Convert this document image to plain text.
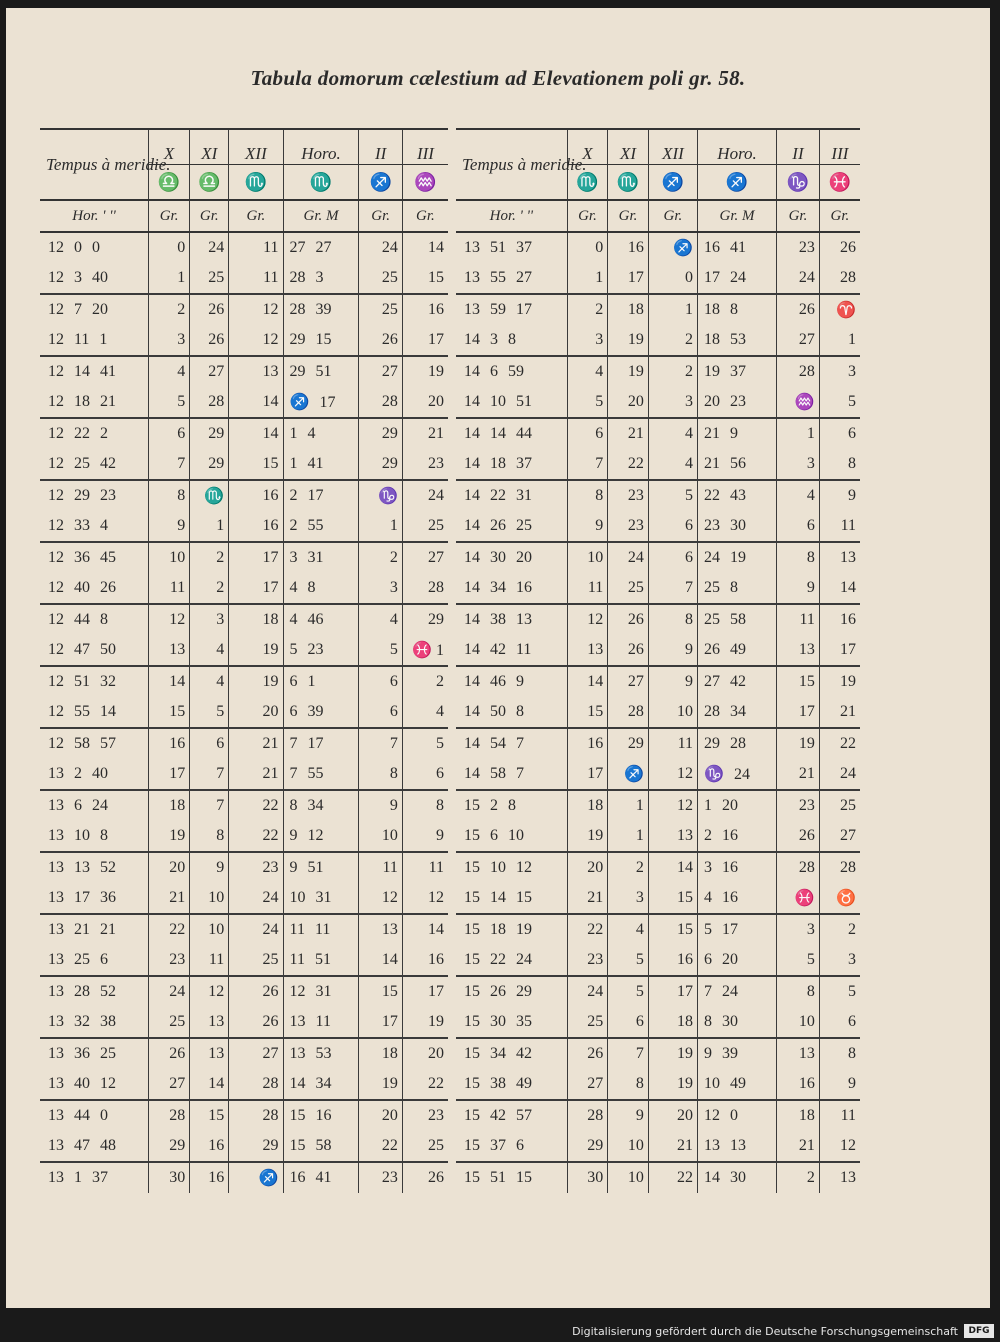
Tabula domorum cælestium ad Elevationem poli gr. 58.
Tempus à meridie.	X	XI	XII	Horo.	II	III
	♎	♎	♏	♏	♐	♒
Hor. ' ''	Gr.	Gr.	Gr.	Gr. M	Gr.	Gr.
12 0 0	0	24	11	27 27	24	14
12 3 40	1	25	11	28 3	25	15
12 7 20	2	26	12	28 39	25	16
12 11 1	3	26	12	29 15	26	17
12 14 41	4	27	13	29 51	27	19
12 18 21	5	28	14	♐ 17	28	20
12 22 2	6	29	14	1 4	29	21
12 25 42	7	29	15	1 41	29	23
12 29 23	8	♏	16	2 17	♑	24
12 33 4	9	1	16	2 55	1	25
12 36 45	10	2	17	3 31	2	27
12 40 26	11	2	17	4 8	3	28
12 44 8	12	3	18	4 46	4	29
12 47 50	13	4	19	5 23	5	♓ 1
12 51 32	14	4	19	6 1	6	2
12 55 14	15	5	20	6 39	6	4
12 58 57	16	6	21	7 17	7	5
13 2 40	17	7	21	7 55	8	6
13 6 24	18	7	22	8 34	9	8
13 10 8	19	8	22	9 12	10	9
13 13 52	20	9	23	9 51	11	11
13 17 36	21	10	24	10 31	12	12
13 21 21	22	10	24	11 11	13	14
13 25 6	23	11	25	11 51	14	16
13 28 52	24	12	26	12 31	15	17
13 32 38	25	13	26	13 11	17	19
13 36 25	26	13	27	13 53	18	20
13 40 12	27	14	28	14 34	19	22
13 44 0	28	15	28	15 16	20	23
13 47 48	29	16	29	15 58	22	25
13 1 37	30	16	♐	16 41	23	26
Tempus à meridie.	X	XI	XII	Horo.	II	III
	♏	♏	♐	♐	♑	♓
Hor. ' ''	Gr.	Gr.	Gr.	Gr. M	Gr.	Gr.
13 51 37	0	16	♐	16 41	23	26
13 55 27	1	17	0	17 24	24	28
13 59 17	2	18	1	18 8	26	♈
14 3 8	3	19	2	18 53	27	1
14 6 59	4	19	2	19 37	28	3
14 10 51	5	20	3	20 23	♒	5
14 14 44	6	21	4	21 9	1	6
14 18 37	7	22	4	21 56	3	8
14 22 31	8	23	5	22 43	4	9
14 26 25	9	23	6	23 30	6	11
14 30 20	10	24	6	24 19	8	13
14 34 16	11	25	7	25 8	9	14
14 38 13	12	26	8	25 58	11	16
14 42 11	13	26	9	26 49	13	17
14 46 9	14	27	9	27 42	15	19
14 50 8	15	28	10	28 34	17	21
14 54 7	16	29	11	29 28	19	22
14 58 7	17	♐	12	♑ 24	21	24
15 2 8	18	1	12	1 20	23	25
15 6 10	19	1	13	2 16	26	27
15 10 12	20	2	14	3 16	28	28
15 14 15	21	3	15	4 16	♓	♉
15 18 19	22	4	15	5 17	3	2
15 22 24	23	5	16	6 20	5	3
15 26 29	24	5	17	7 24	8	5
15 30 35	25	6	18	8 30	10	6
15 34 42	26	7	19	9 39	13	8
15 38 49	27	8	19	10 49	16	9
15 42 57	28	9	20	12 0	18	11
15 37 6	29	10	21	13 13	21	12
15 51 15	30	10	22	14 30	2	13
Digitalisierung gefördert durch die Deutsche Forschungsgemeinschaft	DFG
